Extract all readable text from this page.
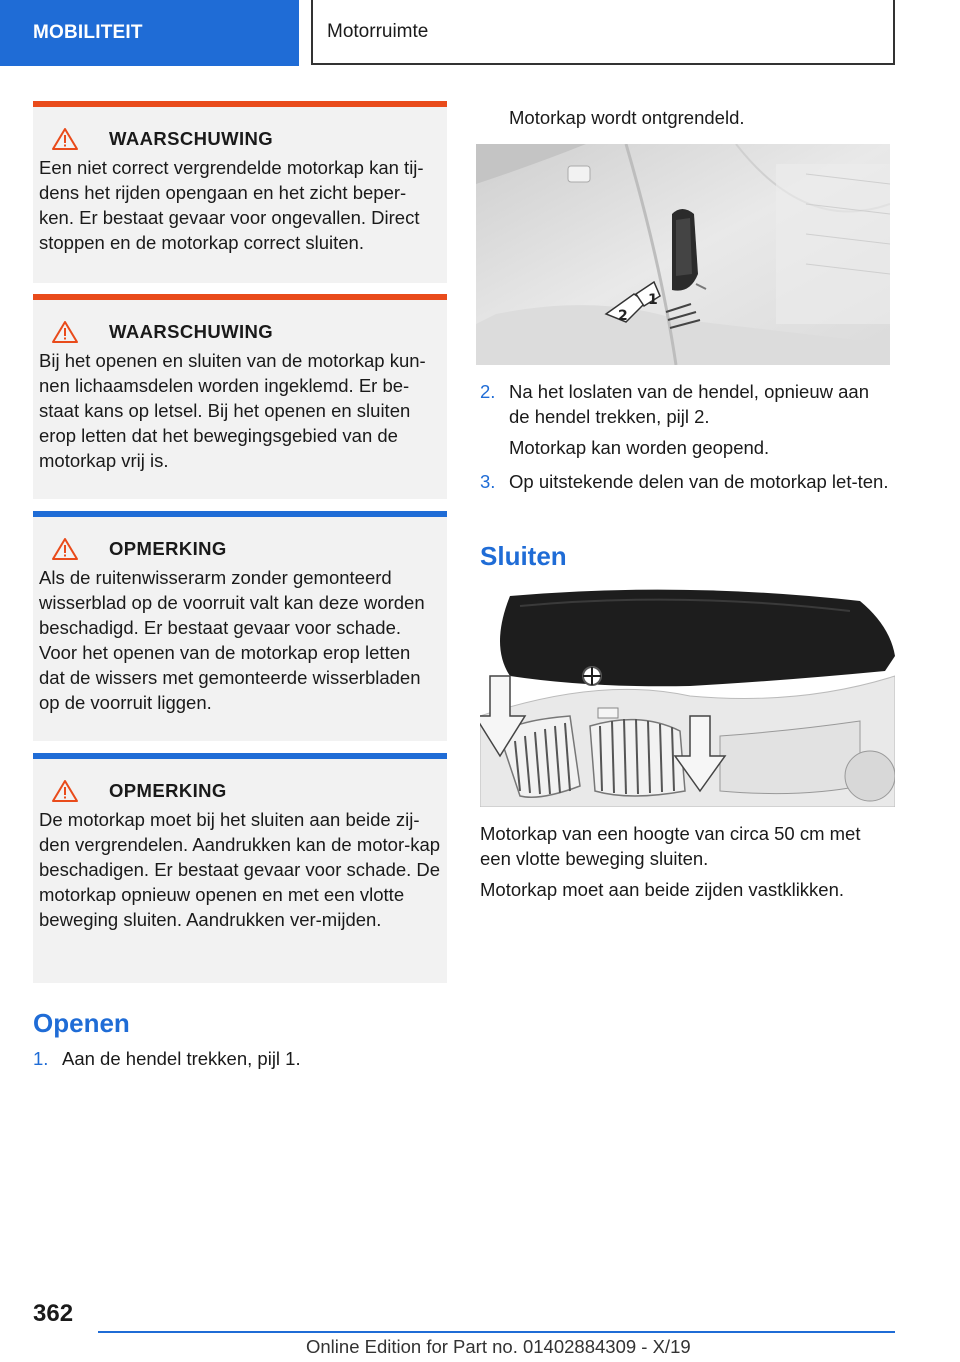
MOBILITEIT	Motorruimte
WAARSCHUWING
Een niet correct vergrendelde motorkap kan tij-dens het rijden opengaan en het zicht beper-ken. Er bestaat gevaar voor ongevallen. Direct stoppen en de motorkap correct sluiten.
WAARSCHUWING
Bij het openen en sluiten van de motorkap kun-nen lichaamsdelen worden ingeklemd. Er be-staat kans op letsel. Bij het openen en sluiten erop letten dat het bewegingsgebied van de motorkap vrij is.
OPMERKING
Als de ruitenwisserarm zonder gemonteerd wisserblad op de voorruit valt kan deze worden beschadigd. Er bestaat gevaar voor schade. Voor het openen van de motorkap erop letten dat de wissers met gemonteerde wisserbladen op de voorruit liggen.
OPMERKING
De motorkap moet bij het sluiten aan beide zij-den vergrendelen. Aandrukken kan de motor-kap beschadigen. Er bestaat gevaar voor schade. De motorkap opnieuw openen en met een vlotte beweging sluiten. Aandrukken ver-mijden.
Openen
1. Aan de hendel trekken, pijl 1.
Motorkap wordt ontgrendeld.
2
1
2. Na het loslaten van de hendel, opnieuw aan de hendel trekken, pijl 2.
Motorkap kan worden geopend.
3. Op uitstekende delen van de motorkap let-ten.
Sluiten
Motorkap van een hoogte van circa 50 cm met een vlotte beweging sluiten.
Motorkap moet aan beide zijden vastklikken.
362
Online Edition for Part no. 01402884309 - X/19
